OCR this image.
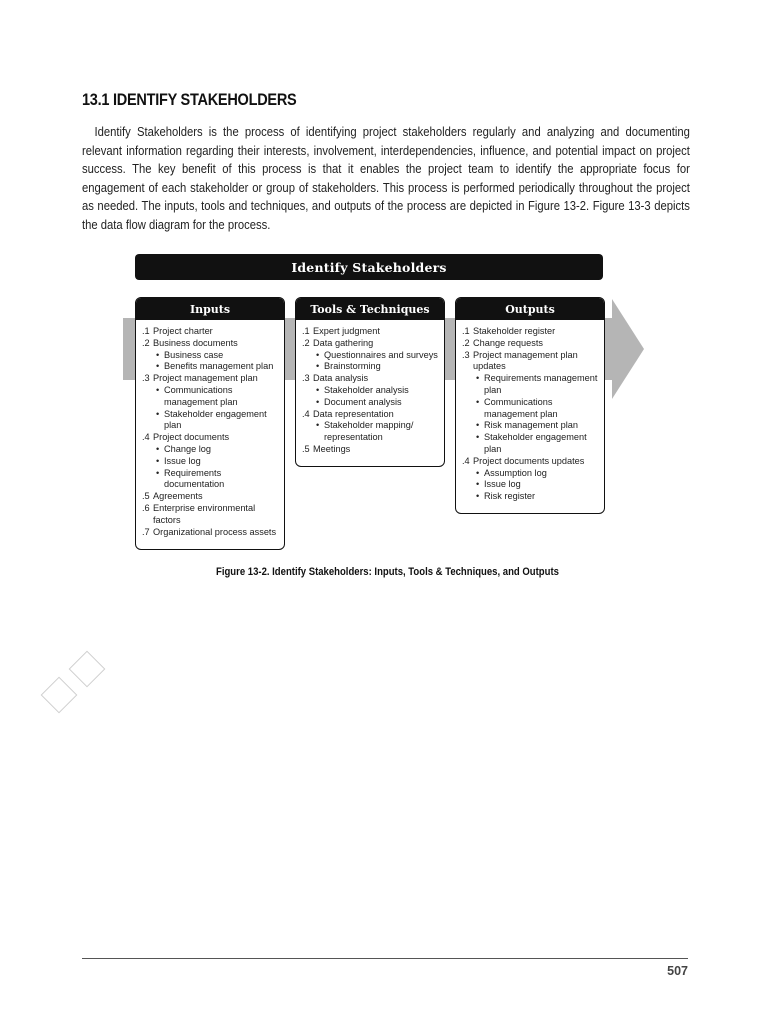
13.1 IDENTIFY STAKEHOLDERS

Identify Stakeholders is the process of identifying project stakeholders regularly and analyzing and documenting relevant information regarding their interests, involvement, interdependencies, influence, and potential impact on project success. The key benefit of this process is that it enables the project team to identify the appropriate focus for engagement of each stakeholder or group of stakeholders. This process is performed periodically throughout the project as needed. The inputs, tools and techniques, and outputs of the process are depicted in Figure 13-2. Figure 13-3 depicts the data flow diagram for the process.

Identify Stakeholders
Inputs
.1 Project charter
.2 Business documents
• Business case
• Benefits management plan
.3 Project management plan
• Communications management plan
• Stakeholder engagement plan
.4 Project documents
• Change log
• Issue log
• Requirements documentation
.5 Agreements
.6 Enterprise environmental factors
.7 Organizational process assets
Tools & Techniques
.1 Expert judgment
.2 Data gathering
• Questionnaires and surveys
• Brainstorming
.3 Data analysis
• Stakeholder analysis
• Document analysis
.4 Data representation
• Stakeholder mapping/ representation
.5 Meetings
Outputs
.1 Stakeholder register
.2 Change requests
.3 Project management plan updates
• Requirements management plan
• Communications management plan
• Risk management plan
• Stakeholder engagement plan
.4 Project documents updates
• Assumption log
• Issue log
• Risk register

Figure 13-2. Identify Stakeholders: Inputs, Tools & Techniques, and Outputs

507
